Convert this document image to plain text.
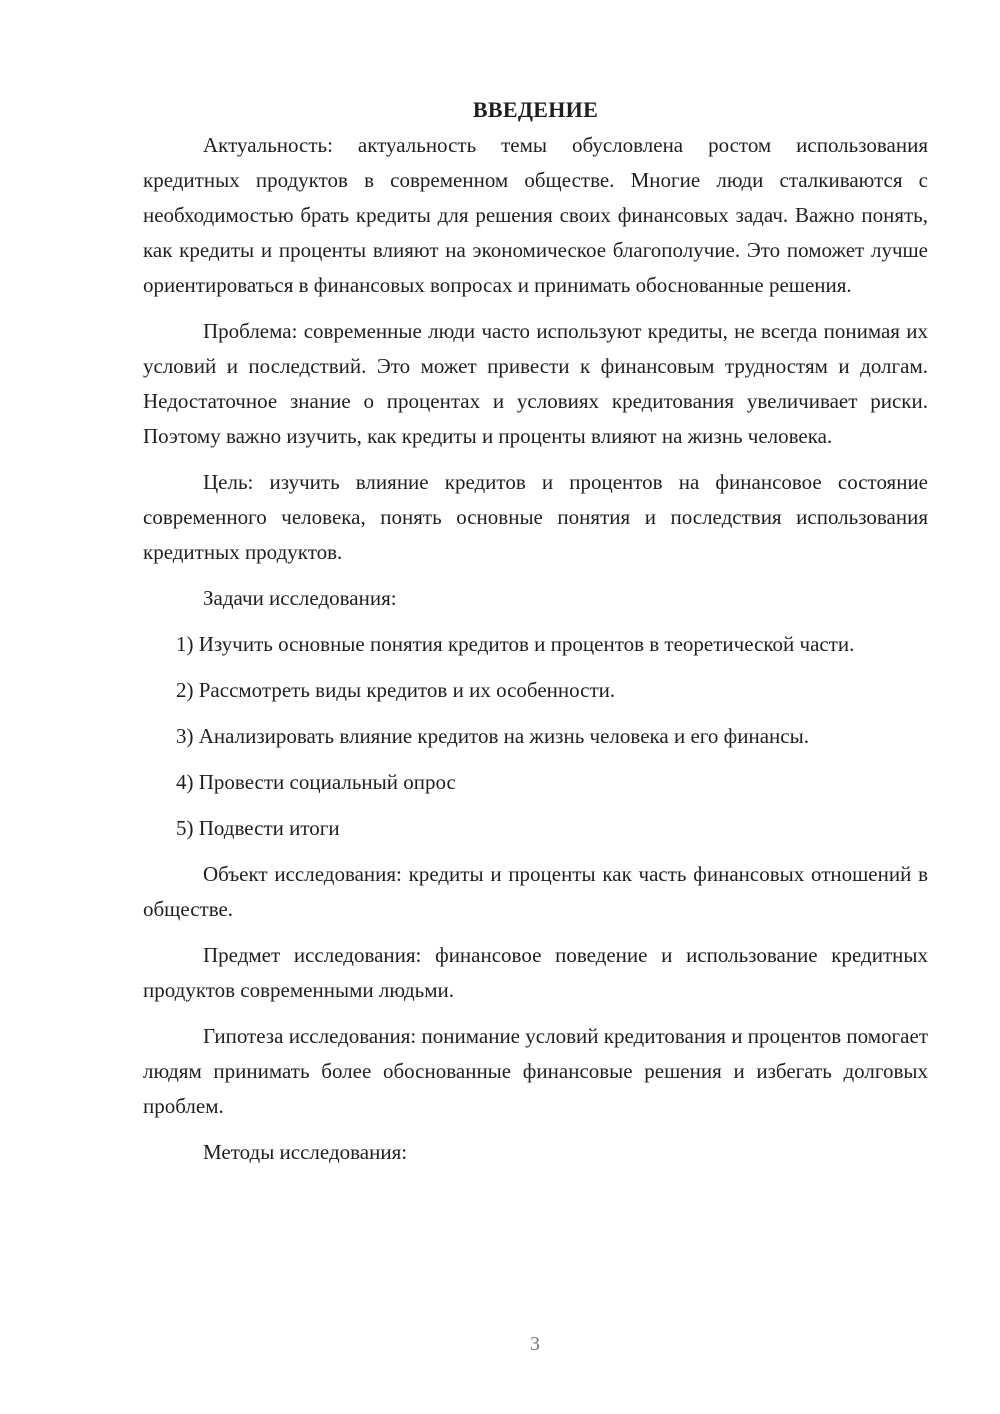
ВВЕДЕНИЕ

Актуальность: актуальность темы обусловлена ростом использования кредитных продуктов в современном обществе. Многие люди сталкиваются с необходимостью брать кредиты для решения своих финансовых задач. Важно понять, как кредиты и проценты влияют на экономическое благополучие. Это поможет лучше ориентироваться в финансовых вопросах и принимать обоснованные решения.

Проблема: современные люди часто используют кредиты, не всегда понимая их условий и последствий. Это может привести к финансовым трудностям и долгам. Недостаточное знание о процентах и условиях кредитования увеличивает риски. Поэтому важно изучить, как кредиты и проценты влияют на жизнь человека.

Цель: изучить влияние кредитов и процентов на финансовое состояние современного человека, понять основные понятия и последствия использования кредитных продуктов.

Задачи исследования:

1) Изучить основные понятия кредитов и процентов в теоретической части.

2) Рассмотреть виды кредитов и их особенности.

3) Анализировать влияние кредитов на жизнь человека и его финансы.

4) Провести социальный опрос

5) Подвести итоги

Объект исследования: кредиты и проценты как часть финансовых отношений в обществе.

Предмет исследования: финансовое поведение и использование кредитных продуктов современными людьми.

Гипотеза исследования: понимание условий кредитования и процентов помогает людям принимать более обоснованные финансовые решения и избегать долговых проблем.

Методы исследования:

3
